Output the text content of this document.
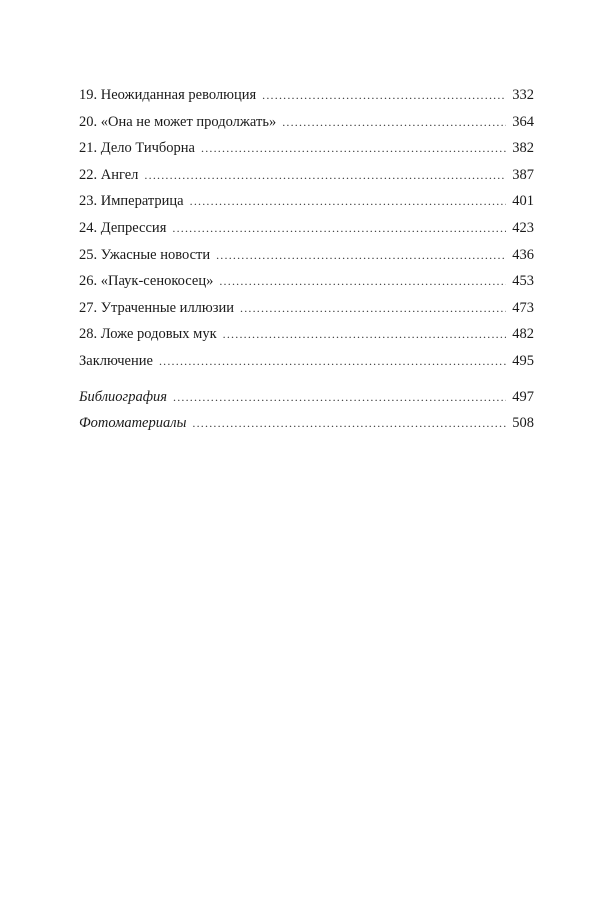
19. Неожиданная революция .....	332
20. «Она не может продолжать» .....	364
21. Дело Тичборна .....	382
22. Ангел .....	387
23. Императрица .....	401
24. Депрессия .....	423
25. Ужасные новости .....	436
26. «Паук-сенокосец» .....	453
27. Утраченные иллюзии .....	473
28. Ложе родовых мук .....	482
Заключение .....	495
Библиография .....	497
Фотоматериалы .....	508
